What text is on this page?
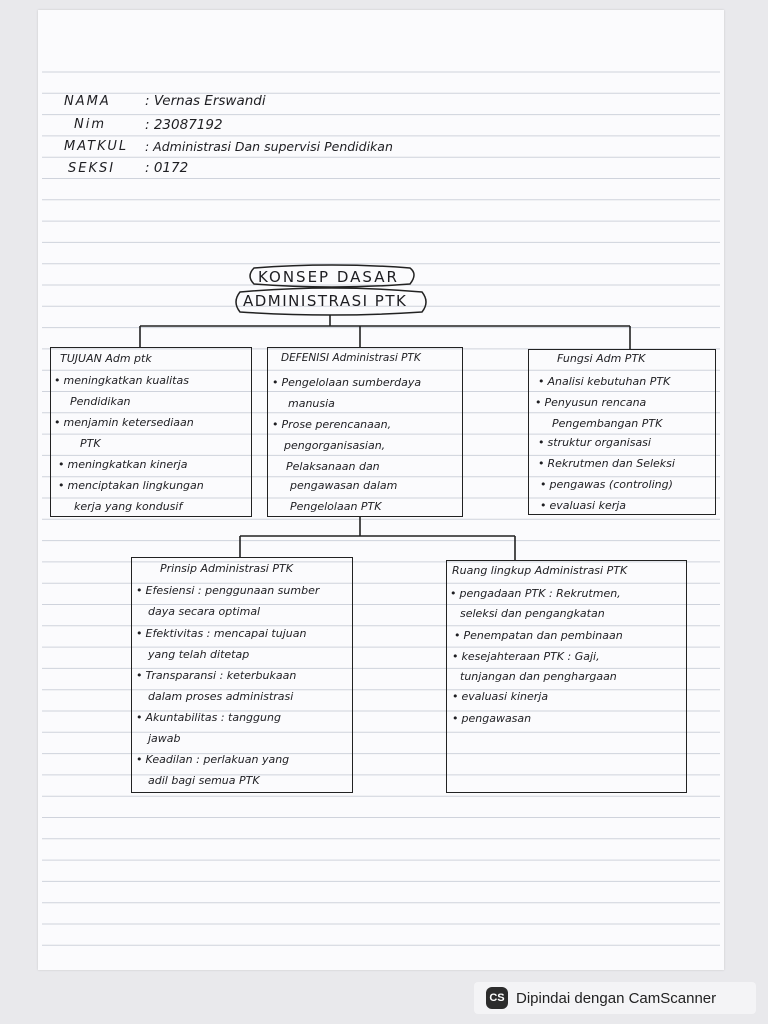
NAMA	: Vernas Erswandi
Nim	: 23087192
MATKUL : Administrasi Dan supervisi Pendidikan
SEKSI : 0172
KONSEP DASAR
ADMINISTRASI PTK
TUJUAN Adm ptk
• meningkatkan kualitas
Pendidikan
• menjamin ketersediaan
PTK
• meningkatkan kinerja
• menciptakan lingkungan
kerja yang kondusif
DEFENISI Administrasi PTK
• Pengelolaan sumberdaya
manusia
• Prose perencanaan,
pengorganisasian,
Pelaksanaan dan
pengawasan dalam
Pengelolaan PTK
Fungsi Adm PTK
• Analisi kebutuhan PTK
• Penyusun rencana
Pengembangan PTK
• struktur organisasi
• Rekrutmen dan Seleksi
• pengawas (controling)
• evaluasi kerja
Prinsip Administrasi PTK
• Efesiensi : penggunaan sumber
daya secara optimal
• Efektivitas : mencapai tujuan
yang telah ditetap
• Transparansi : keterbukaan
dalam proses administrasi
• Akuntabilitas : tanggung
jawab
• Keadilan : perlakuan yang
adil bagi semua PTK
Ruang lingkup Administrasi PTK
• pengadaan PTK : Rekrutmen,
seleksi dan pengangkatan
• Penempatan dan pembinaan
• kesejahteraan PTK : Gaji,
tunjangan dan penghargaan
• evaluasi kinerja
• pengawasan
CS Dipindai dengan CamScanner
